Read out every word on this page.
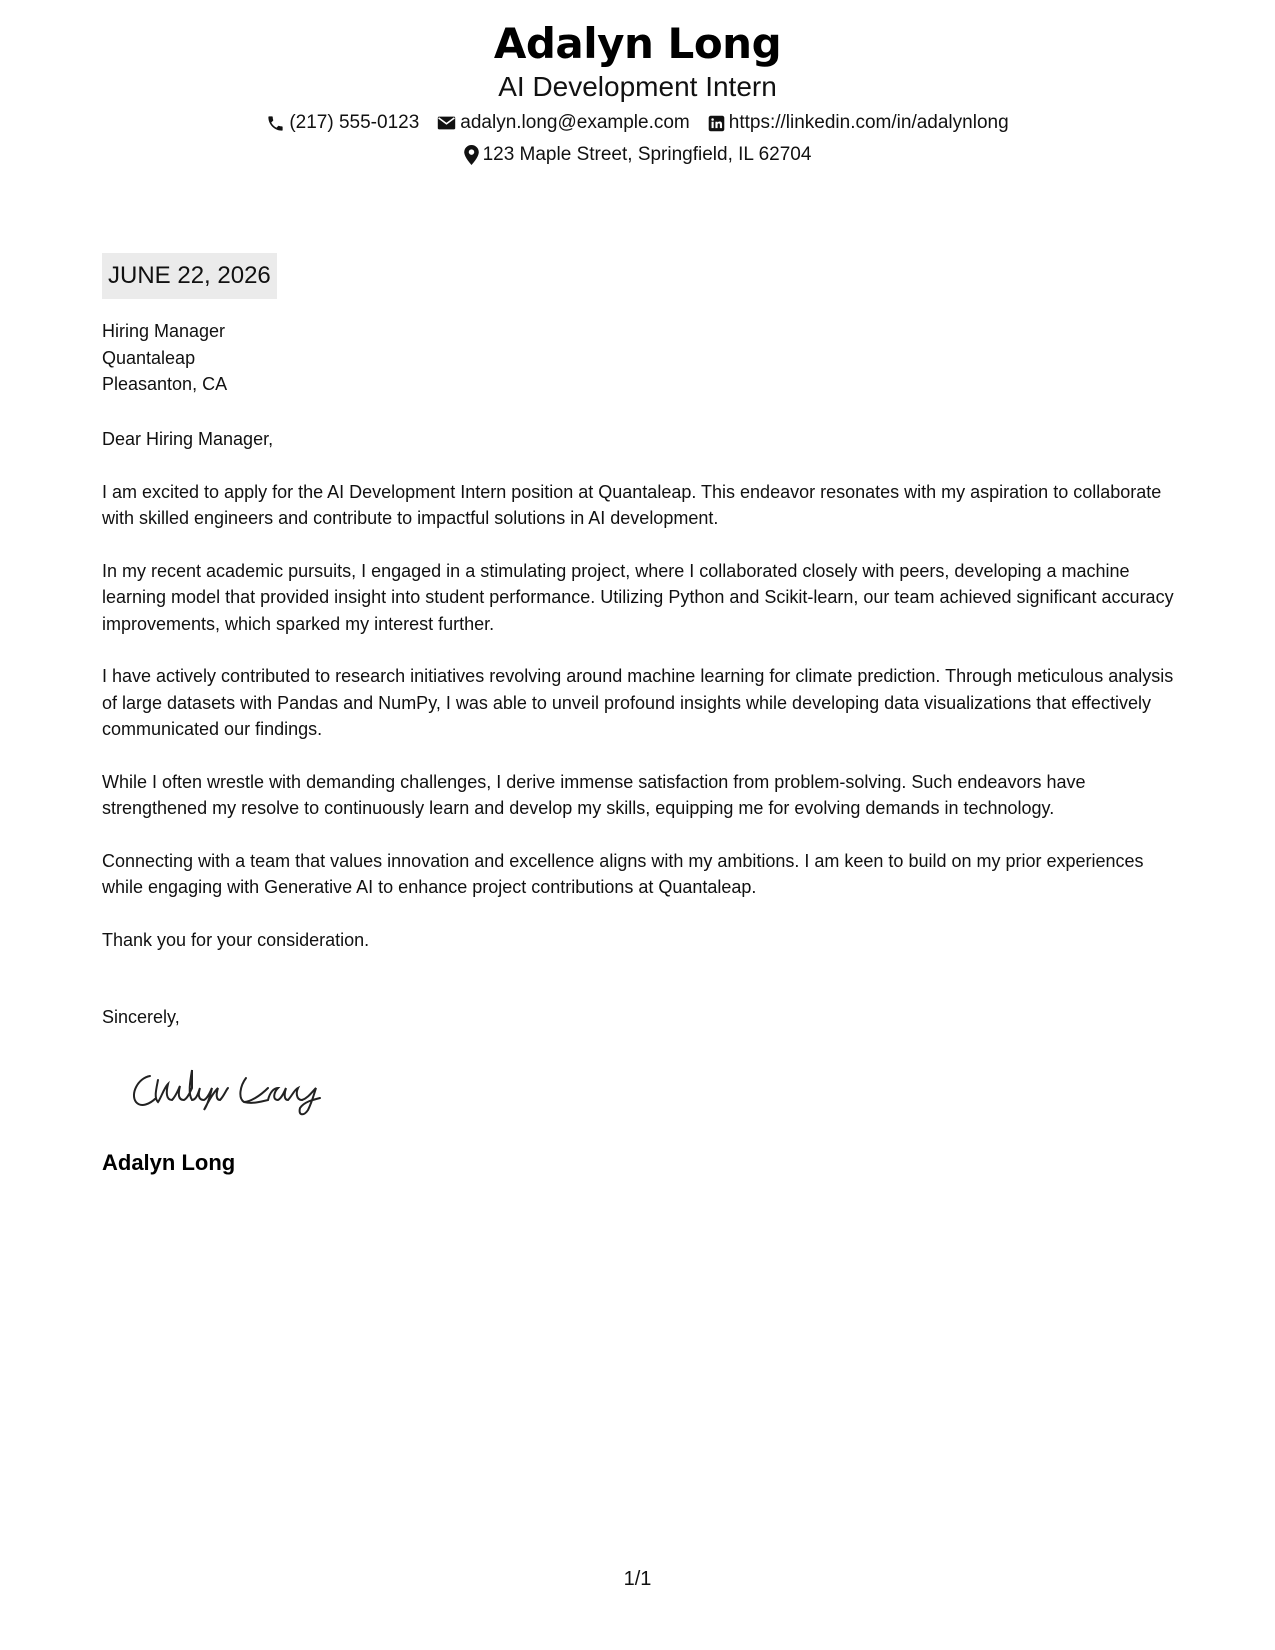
Adalyn Long
AI Development Intern
(217) 555-0123 adalyn.long@example.com https://linkedin.com/in/adalynlong
123 Maple Street, Springfield, IL 62704
JUNE 22, 2026
Hiring Manager
Quantaleap
Pleasanton, CA

Dear Hiring Manager,

I am excited to apply for the AI Development Intern position at Quantaleap. This endeavor resonates with my aspiration to collaborate with skilled engineers and contribute to impactful solutions in AI development.

In my recent academic pursuits, I engaged in a stimulating project, where I collaborated closely with peers, developing a machine learning model that provided insight into student performance. Utilizing Python and Scikit-learn, our team achieved significant accuracy improvements, which sparked my interest further.

I have actively contributed to research initiatives revolving around machine learning for climate prediction. Through meticulous analysis of large datasets with Pandas and NumPy, I was able to unveil profound insights while developing data visualizations that effectively communicated our findings.

While I often wrestle with demanding challenges, I derive immense satisfaction from problem-solving. Such endeavors have strengthened my resolve to continuously learn and develop my skills, equipping me for evolving demands in technology.

Connecting with a team that values innovation and excellence aligns with my ambitions. I am keen to build on my prior experiences while engaging with Generative AI to enhance project contributions at Quantaleap.

Thank you for your consideration.

Sincerely,
Adalyn Long
1/1
